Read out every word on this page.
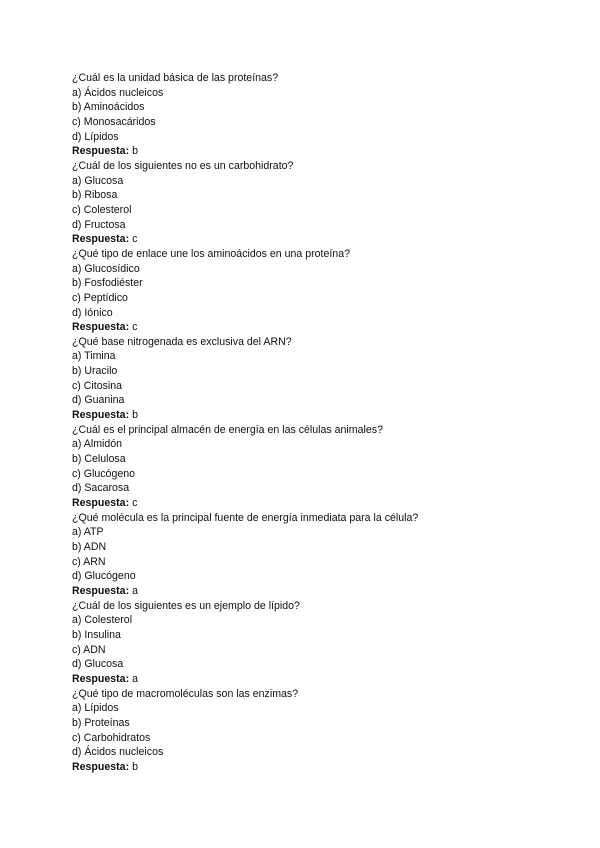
¿Cuál es la unidad básica de las proteínas?
a) Ácidos nucleicos
b) Aminoácidos
c) Monosacáridos
d) Lípidos
Respuesta: b
¿Cuál de los siguientes no es un carbohidrato?
a) Glucosa
b) Ribosa
c) Colesterol
d) Fructosa
Respuesta: c
¿Qué tipo de enlace une los aminoácidos en una proteína?
a) Glucosídico
b) Fosfodiéster
c) Peptídico
d) Iónico
Respuesta: c
¿Qué base nitrogenada es exclusiva del ARN?
a) Timina
b) Uracilo
c) Citosina
d) Guanina
Respuesta: b
¿Cuál es el principal almacén de energía en las células animales?
a) Almidón
b) Celulosa
c) Glucógeno
d) Sacarosa
Respuesta: c
¿Qué molécula es la principal fuente de energía inmediata para la célula?
a) ATP
b) ADN
c) ARN
d) Glucógeno
Respuesta: a
¿Cuál de los siguientes es un ejemplo de lípido?
a) Colesterol
b) Insulina
c) ADN
d) Glucosa
Respuesta: a
¿Qué tipo de macromoléculas son las enzimas?
a) Lípidos
b) Proteínas
c) Carbohidratos
d) Ácidos nucleicos
Respuesta: b
